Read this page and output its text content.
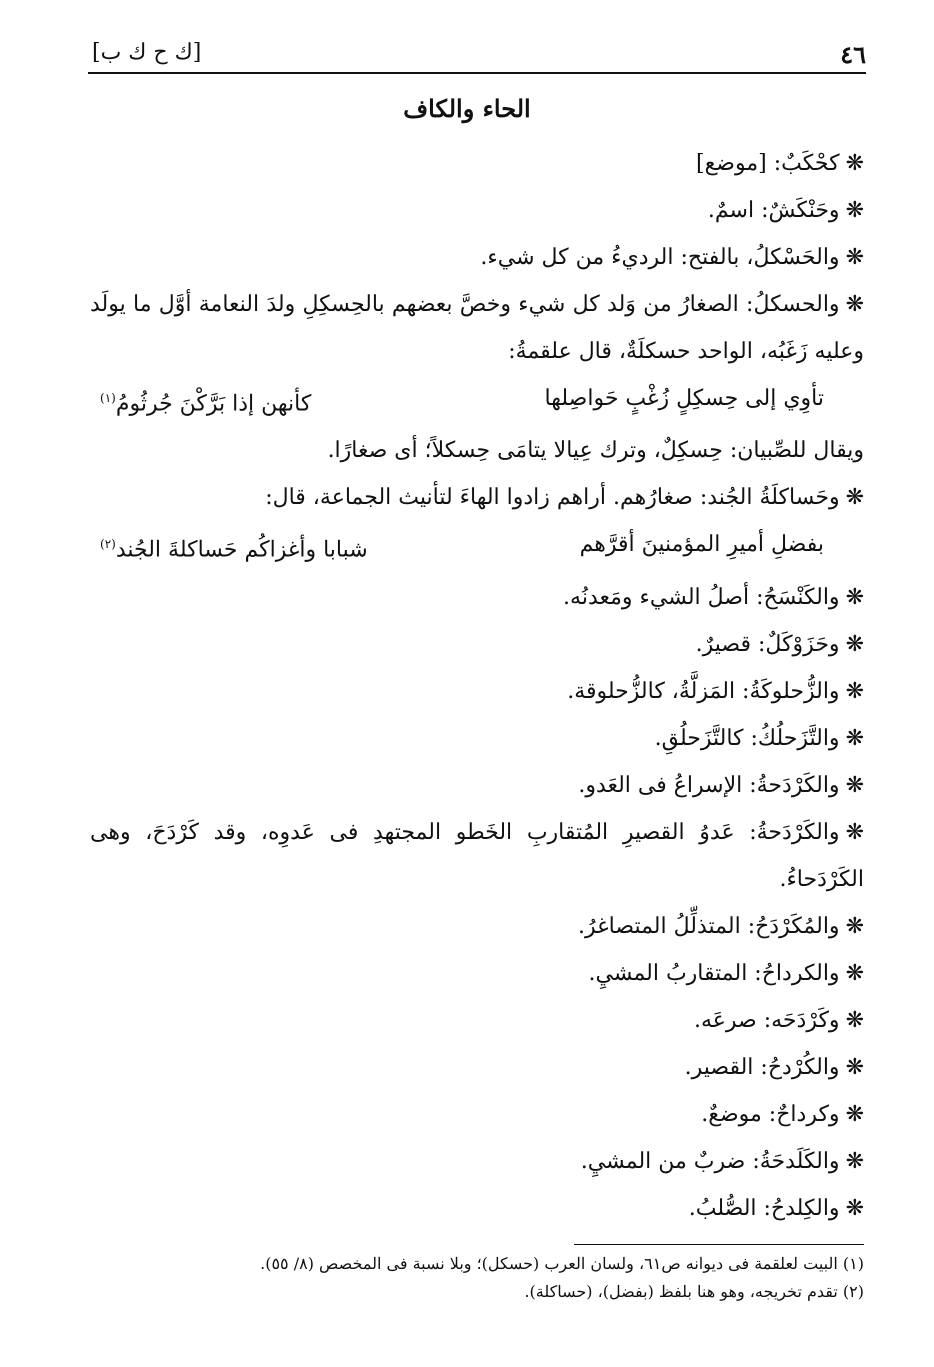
٤٦
[ك ح ك ب]
الحاء والكاف

❋كحْكَبٌ: [موضع]

❋وحَنْكَشٌ: اسمٌ.

❋والحَسْكلُ، بالفتح: الرديءُ من كل شيء.

❋والحسكلُ: الصغارُ من وَلد كل شيء وخصَّ بعضهم بالحِسكِلِ ولدَ النعامة أوَّل ما يولَد وعليه زَغَبُه، الواحد حسكلَةٌ، قال علقمةُ:

تأوِي إلى حِسكِلٍ زُغْبٍ حَواصِلها
كأنهن إذا بَرَّكْنَ جُرثُومُ$^{(١)}$

ويقال للصِّبيان: حِسكِلٌ، وترك عِيالا يتامَى حِسكلاً؛ أى صغارًا.

❋وحَساكلَةُ الجُند: صغارُهم. أراهم زادوا الهاءَ لتأنيث الجماعة، قال:

بفضلِ أميرِ المؤمنينَ أقرَّهم
شبابا وأغزاكُم حَساكلةَ الجُند$^{(٢)}$

❋والكَنْسَحُ: أصلُ الشيء ومَعدنُه.

❋وحَزَوْكَلٌ: قصيرٌ.

❋والزُّحلوكَةُ: المَزلَّةُ، كالزُّحلوقة.

❋والتَّزَحلُكُ: كالتَّزَحلُقِ.

❋والكَرْدَحةُ: الإسراعُ فى العَدو.

❋والكَرْدَحةُ: عَدوُ القصيرِ المُتقاربِ الخَطو المجتهدِ فى عَدوِه، وقد كَرْدَحَ، وهى الكَرْدَحاءُ.

❋والمُكَرْدَحُ: المتذلِّلُ المتصاغرُ.

❋والكرداحُ: المتقاربُ المشيِ.

❋وكَرْدَحَه: صرعَه.

❋والكُرْدحُ: القصير.

❋وكرداحٌ: موضعٌ.

❋والكَلَدحَةُ: ضربٌ من المشيِ.

❋والكِلدحُ: الصُّلبُ.

(١) البيت لعلقمة فى ديوانه ص٦١، ولسان العرب (حسكل)؛ وبلا نسبة فى المخصص (٨/ ٥٥).

(٢) تقدم تخريجه، وهو هنا بلفظ (بفضل)، (حساكلة).
